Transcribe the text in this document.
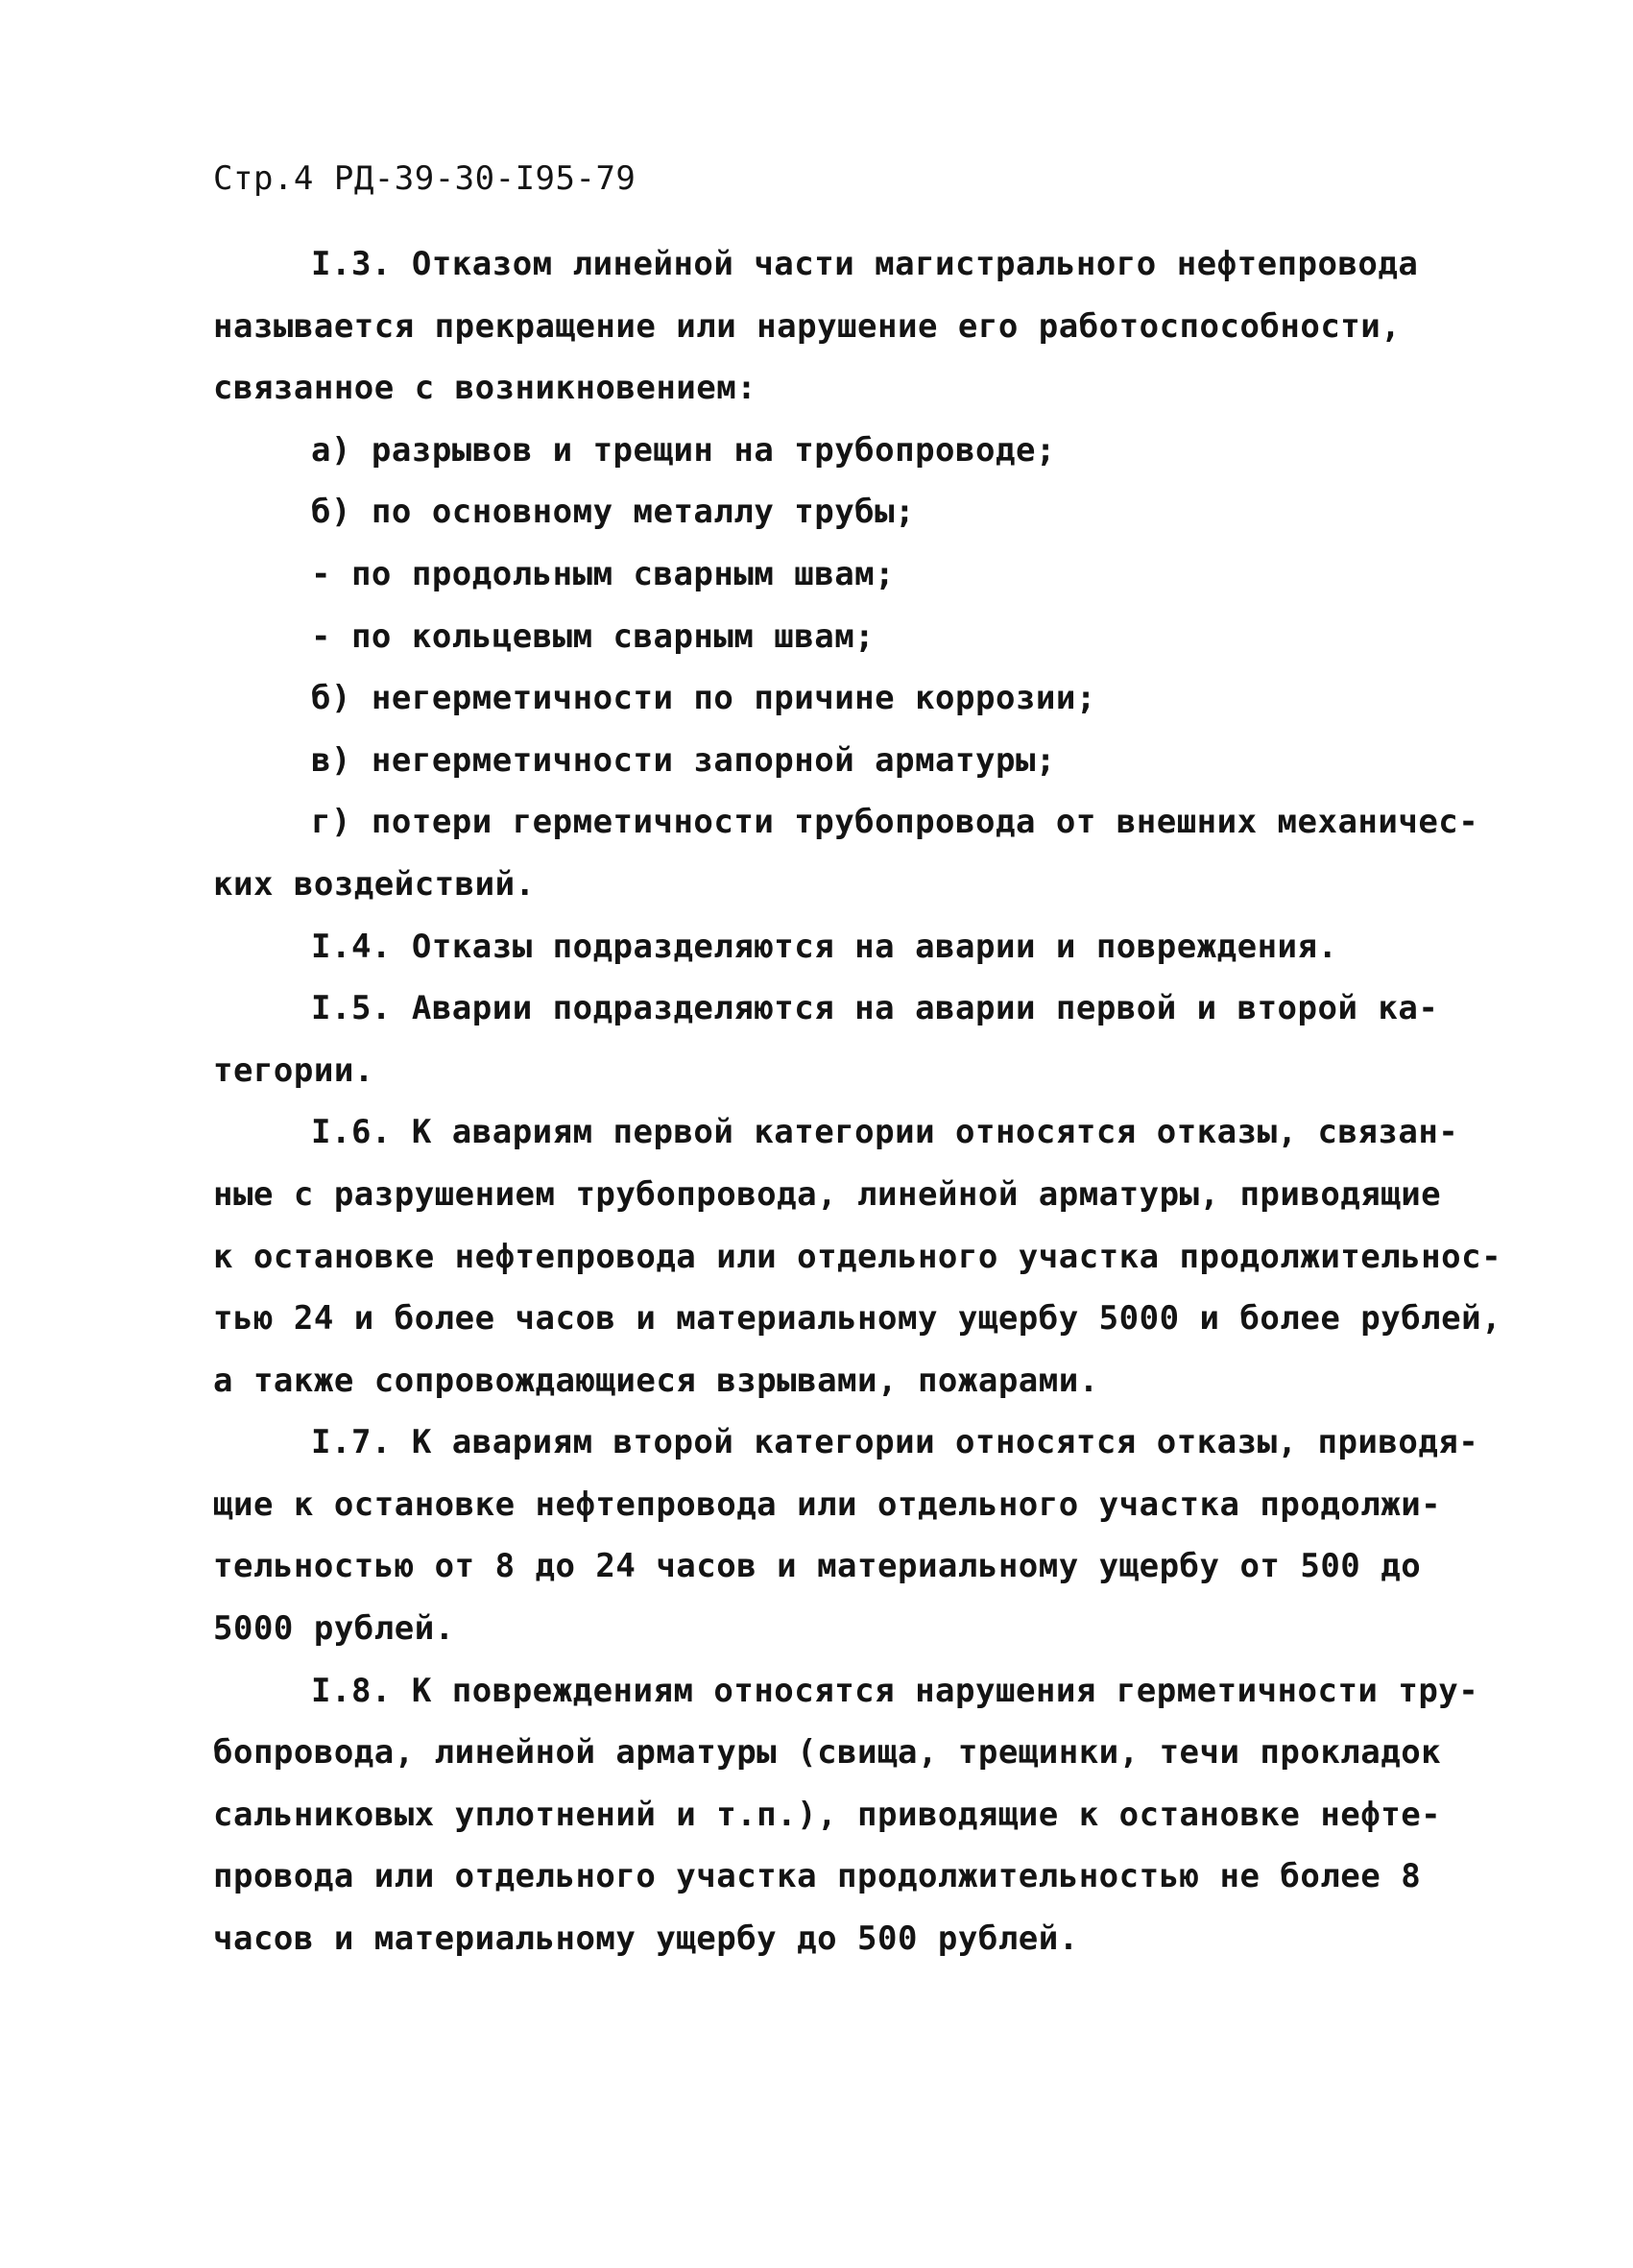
Стр.4 РД-39-30-I95-79
I.3. Отказом линейной части магистрального нефтепровода
называется прекращение или нарушение его работоспособности,
связанное с возникновением:
а) разрывов и трещин на трубопроводе;
б) по основному металлу трубы;
- по продольным сварным швам;
- по кольцевым сварным швам;
б) негерметичности по причине коррозии;
в) негерметичности запорной арматуры;
г) потери герметичности трубопровода от внешних механичес-
ких воздействий.
I.4. Отказы подразделяются на аварии и повреждения.
I.5. Аварии подразделяются на аварии первой и второй ка-
тегории.
I.6. К авариям первой категории относятся отказы, связан-
ные с разрушением трубопровода, линейной арматуры, приводящие
к остановке нефтепровода или отдельного участка продолжительнос-
тью 24 и более часов и материальному ущербу 5000 и более рублей,
а также сопровождающиеся взрывами, пожарами.
I.7. К авариям второй категории относятся отказы, приводя-
щие к остановке нефтепровода или отдельного участка продолжи-
тельностью от 8 до 24 часов и материальному ущербу от 500 до
5000 рублей.
I.8. К повреждениям относятся нарушения герметичности тру-
бопровода, линейной арматуры (свища, трещинки, течи прокладок
сальниковых уплотнений и т.п.), приводящие к остановке нефте-
провода или отдельного участка продолжительностью не более 8
часов и материальному ущербу до 500 рублей.
